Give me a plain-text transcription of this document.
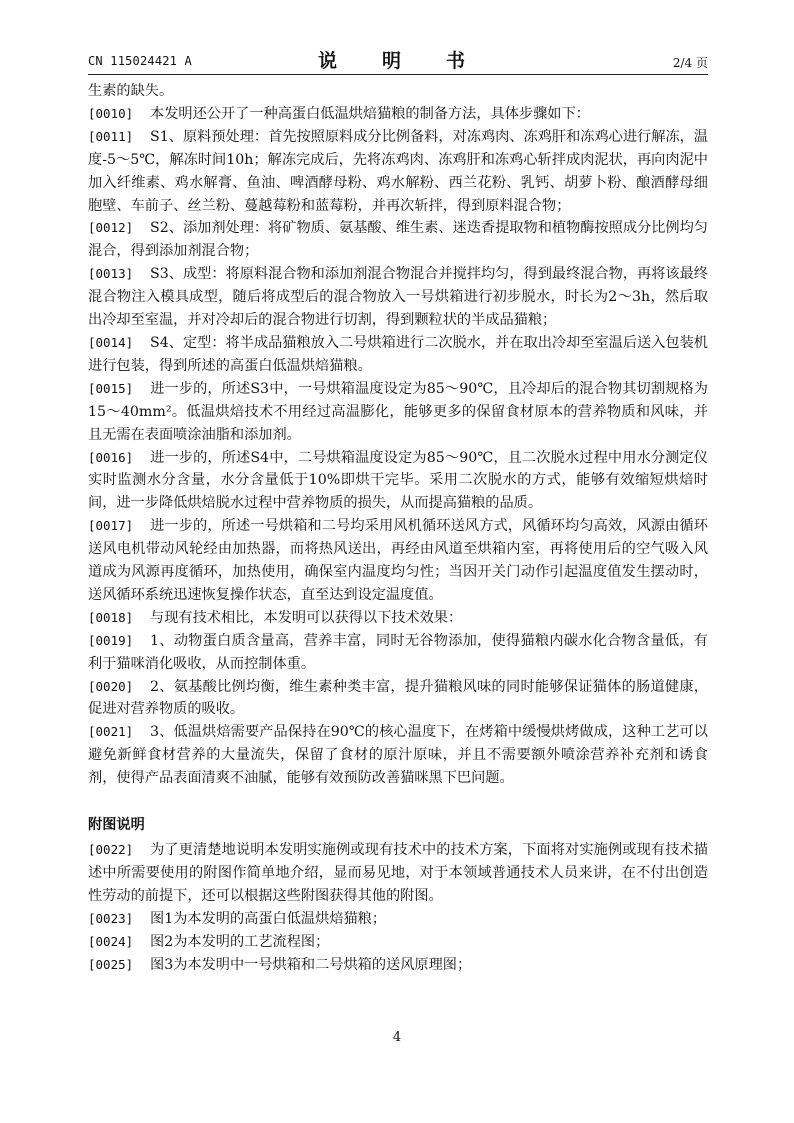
CN 115024421 A	说　明　书	2/4 页

生素的缺失。

[0010] 本发明还公开了一种高蛋白低温烘焙猫粮的制备方法，具体步骤如下：

[0011] S1、原料预处理：首先按照原料成分比例备料，对冻鸡肉、冻鸡肝和冻鸡心进行解冻，温度-5～5℃，解冻时间10h；解冻完成后，先将冻鸡肉、冻鸡肝和冻鸡心斩拌成肉泥状，再向肉泥中加入纤维素、鸡水解膏、鱼油、啤酒酵母粉、鸡水解粉、西兰花粉、乳钙、胡萝卜粉、酿酒酵母细胞壁、车前子、丝兰粉、蔓越莓粉和蓝莓粉，并再次斩拌，得到原料混合物；

[0012] S2、添加剂处理：将矿物质、氨基酸、维生素、迷迭香提取物和植物酶按照成分比例均匀混合，得到添加剂混合物；

[0013] S3、成型：将原料混合物和添加剂混合物混合并搅拌均匀，得到最终混合物，再将该最终混合物注入模具成型，随后将成型后的混合物放入一号烘箱进行初步脱水，时长为2～3h，然后取出冷却至室温，并对冷却后的混合物进行切割，得到颗粒状的半成品猫粮；

[0014] S4、定型：将半成品猫粮放入二号烘箱进行二次脱水，并在取出冷却至室温后送入包装机进行包装，得到所述的高蛋白低温烘焙猫粮。

[0015] 进一步的，所述S3中，一号烘箱温度设定为85～90℃，且冷却后的混合物其切割规格为15～40mm²。低温烘焙技术不用经过高温膨化，能够更多的保留食材原本的营养物质和风味，并且无需在表面喷涂油脂和添加剂。

[0016] 进一步的，所述S4中，二号烘箱温度设定为85～90℃，且二次脱水过程中用水分测定仪实时监测水分含量，水分含量低于10%即烘干完毕。采用二次脱水的方式，能够有效缩短烘焙时间，进一步降低烘焙脱水过程中营养物质的损失，从而提高猫粮的品质。

[0017] 进一步的，所述一号烘箱和二号均采用风机循环送风方式，风循环均匀高效，风源由循环送风电机带动风轮经由加热器，而将热风送出，再经由风道至烘箱内室，再将使用后的空气吸入风道成为风源再度循环，加热使用，确保室内温度均匀性；当因开关门动作引起温度值发生摆动时，送风循环系统迅速恢复操作状态，直至达到设定温度值。

[0018] 与现有技术相比，本发明可以获得以下技术效果：

[0019] 1、动物蛋白质含量高，营养丰富，同时无谷物添加，使得猫粮内碳水化合物含量低，有利于猫咪消化吸收，从而控制体重。

[0020] 2、氨基酸比例均衡，维生素种类丰富，提升猫粮风味的同时能够保证猫体的肠道健康，促进对营养物质的吸收。

[0021] 3、低温烘焙需要产品保持在90℃的核心温度下，在烤箱中缓慢烘烤做成，这种工艺可以避免新鲜食材营养的大量流失，保留了食材的原汁原味，并且不需要额外喷涂营养补充剂和诱食剂，使得产品表面清爽不油腻，能够有效预防改善猫咪黑下巴问题。

附图说明

[0022] 为了更清楚地说明本发明实施例或现有技术中的技术方案，下面将对实施例或现有技术描述中所需要使用的附图作简单地介绍，显而易见地，对于本领域普通技术人员来讲，在不付出创造性劳动的前提下，还可以根据这些附图获得其他的附图。

[0023] 图1为本发明的高蛋白低温烘焙猫粮；

[0024] 图2为本发明的工艺流程图；

[0025] 图3为本发明中一号烘箱和二号烘箱的送风原理图；

4
